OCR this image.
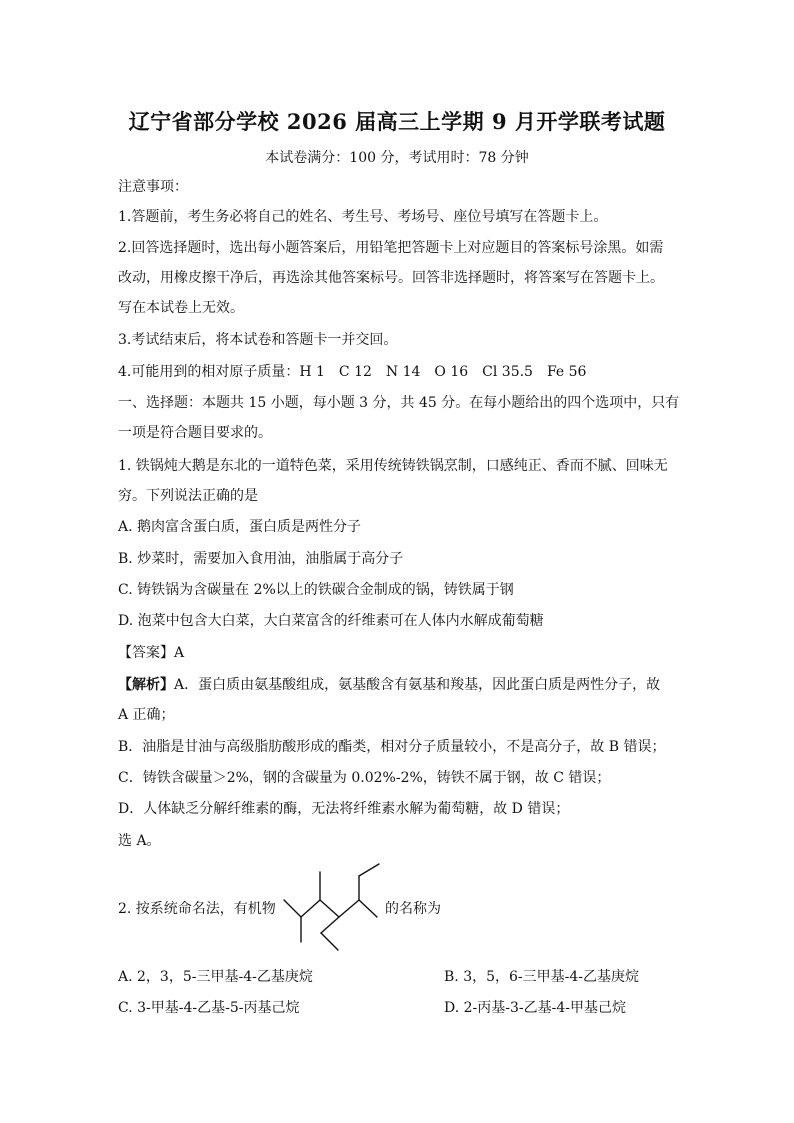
辽宁省部分学校 2026 届高三上学期 9 月开学联考试题
本试卷满分：100 分，考试用时：78 分钟
注意事项：
1.答题前，考生务必将自己的姓名、考生号、考场号、座位号填写在答题卡上。
2.回答选择题时，选出每小题答案后，用铅笔把答题卡上对应题目的答案标号涂黑。如需
改动，用橡皮擦干净后，再选涂其他答案标号。回答非选择题时，将答案写在答题卡上。
写在本试卷上无效。
3.考试结束后，将本试卷和答题卡一并交回。
4.可能用到的相对原子质量：H 1　C 12　N 14　O 16　Cl 35.5　Fe 56
一、选择题：本题共 15 小题，每小题 3 分，共 45 分。在每小题给出的四个选项中，只有
一项是符合题目要求的。
1. 铁锅炖大鹅是东北的一道特色菜，采用传统铸铁锅烹制，口感纯正、香而不腻、回味无
穷。下列说法正确的是
A. 鹅肉富含蛋白质，蛋白质是两性分子
B. 炒菜时，需要加入食用油，油脂属于高分子
C. 铸铁锅为含碳量在 2%以上的铁碳合金制成的锅，铸铁属于钢
D. 泡菜中包含大白菜，大白菜富含的纤维素可在人体内水解成葡萄糖
【答案】A
【解析】A．蛋白质由氨基酸组成，氨基酸含有氨基和羧基，因此蛋白质是两性分子，故
A 正确；
B．油脂是甘油与高级脂肪酸形成的酯类，相对分子质量较小，不是高分子，故 B 错误；
C．铸铁含碳量＞2%，钢的含碳量为 0.02%-2%，铸铁不属于钢，故 C 错误；
D．人体缺乏分解纤维素的酶，无法将纤维素水解为葡萄糖，故 D 错误；
选 A。
2. 按系统命名法，有机物	的名称为
A. 2，3，5-三甲基-4-乙基庚烷	B. 3，5，6-三甲基-4-乙基庚烷
C. 3-甲基-4-乙基-5-丙基己烷	D. 2-丙基-3-乙基-4-甲基己烷
